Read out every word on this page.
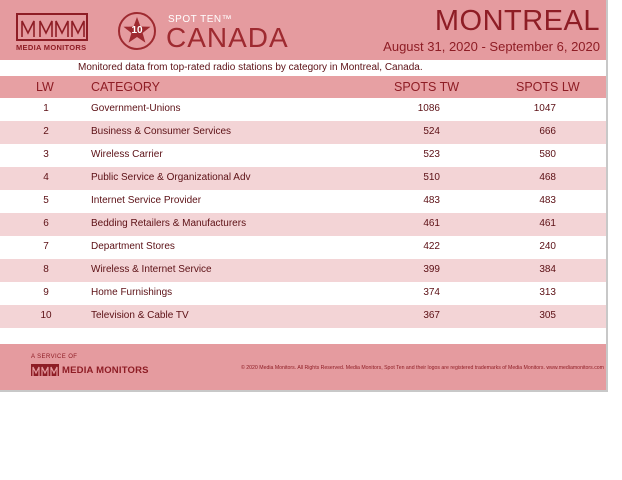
MEDIA MONITORS
10
SPOT TEN™
CANADA
MONTREAL
August 31, 2020 - September 6, 2020
Monitored data from top-rated radio stations by category in Montreal, Canada.
LW	CATEGORY	SPOTS TW	SPOTS LW
1	Government-Unions	1086	1047
2	Business & Consumer Services	524	666
3	Wireless Carrier	523	580
4	Public Service & Organizational Adv	510	468
5	Internet Service Provider	483	483
6	Bedding Retailers & Manufacturers	461	461
7	Department Stores	422	240
8	Wireless & Internet Service	399	384
9	Home Furnishings	374	313
10	Television & Cable TV	367	305
A SERVICE OF
MEDIA MONITORS	© 2020 Media Monitors. All Rights Reserved. Media Monitors, Spot Ten and their logos are registered trademarks of Media Monitors. www.mediamonitors.com
